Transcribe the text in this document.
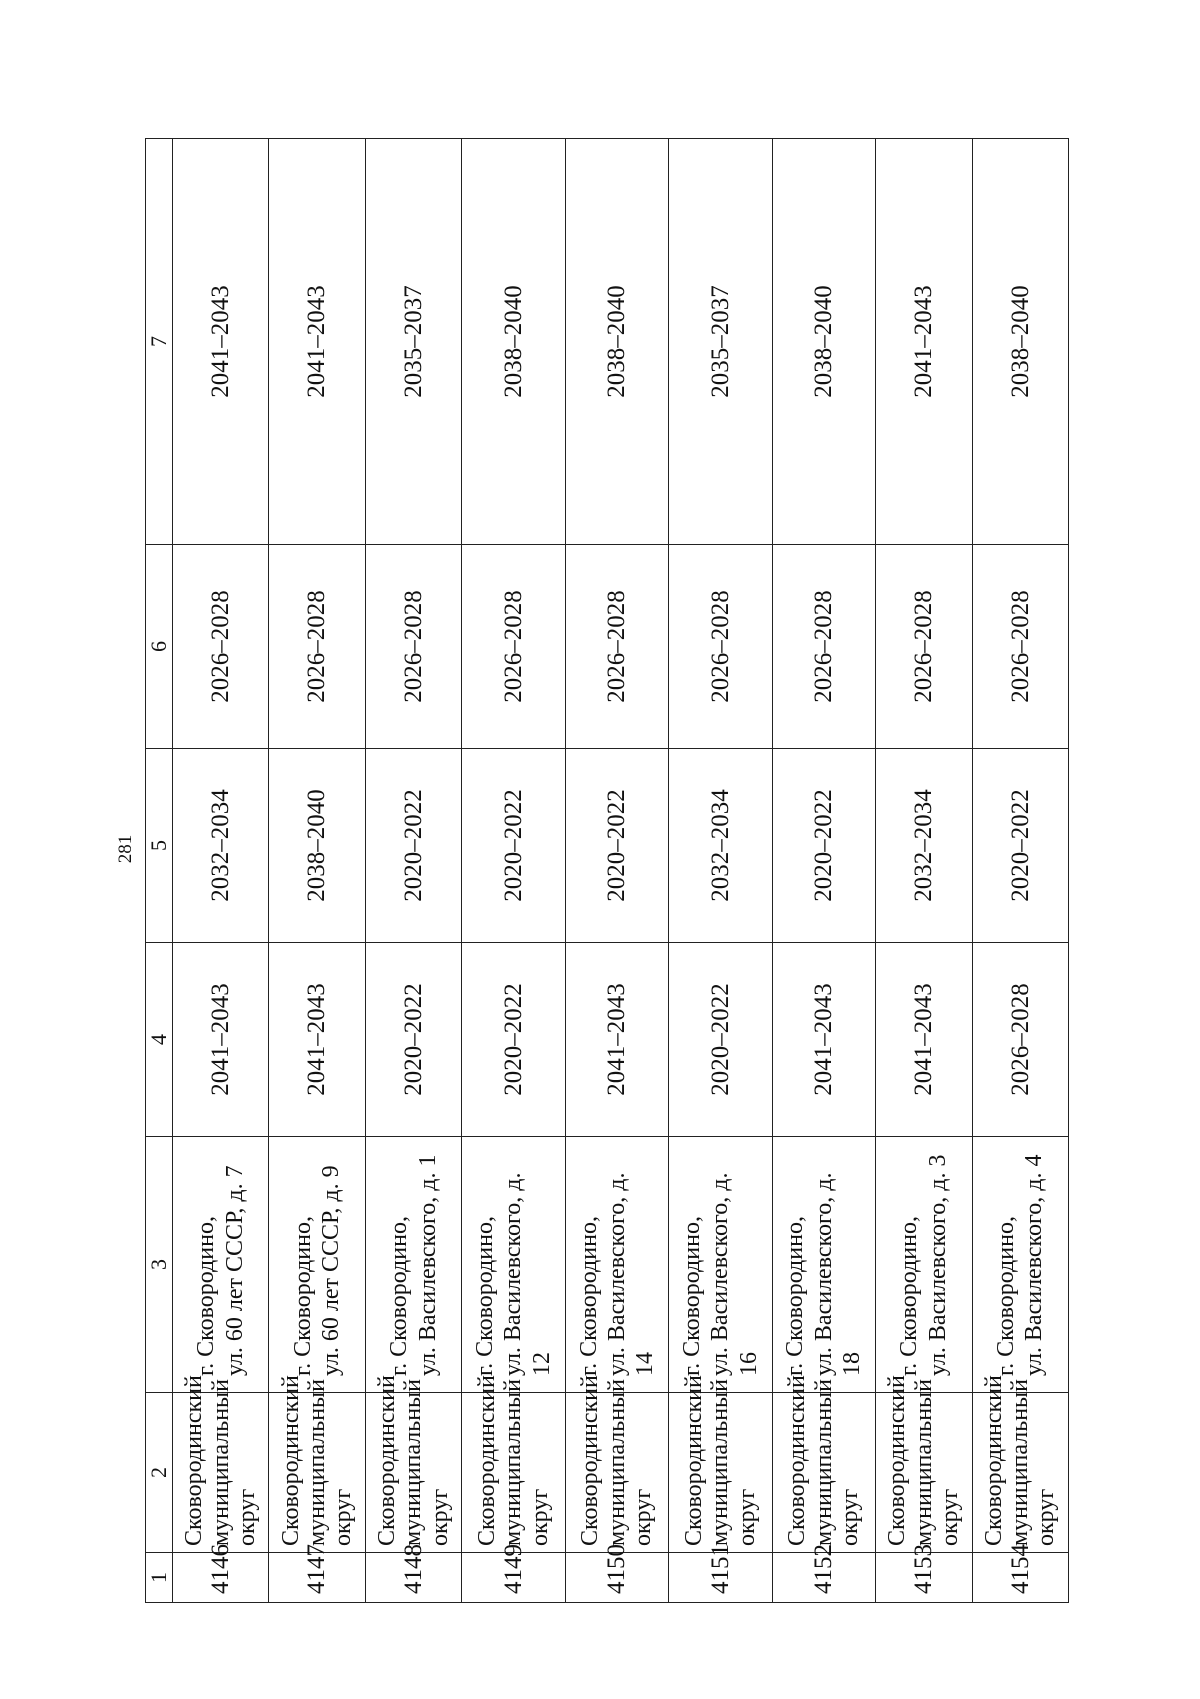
281
1	2	3	4	5	6	7
4146	Сковородинский
муниципальный
округ	г. Сковородино,
ул. 60 лет СССР, д. 7	2041–2043	2032–2034	2026–2028	2041–2043
4147	Сковородинский
муниципальный
округ	г. Сковородино,
ул. 60 лет СССР, д. 9	2041–2043	2038–2040	2026–2028	2041–2043
4148	Сковородинский
муниципальный
округ	г. Сковородино,
ул. Василевского, д. 1	2020–2022	2020–2022	2026–2028	2035–2037
4149	Сковородинский
муниципальный
округ	г. Сковородино,
ул. Василевского, д. 12	2020–2022	2020–2022	2026–2028	2038–2040
4150	Сковородинский
муниципальный
округ	г. Сковородино,
ул. Василевского, д. 14	2041–2043	2020–2022	2026–2028	2038–2040
4151	Сковородинский
муниципальный
округ	г. Сковородино,
ул. Василевского, д. 16	2020–2022	2032–2034	2026–2028	2035–2037
4152	Сковородинский
муниципальный
округ	г. Сковородино,
ул. Василевского, д. 18	2041–2043	2020–2022	2026–2028	2038–2040
4153	Сковородинский
муниципальный
округ	г. Сковородино,
ул. Василевского, д. 3	2041–2043	2032–2034	2026–2028	2041–2043
4154	Сковородинский
муниципальный
округ	г. Сковородино,
ул. Василевского, д. 4	2026–2028	2020–2022	2026–2028	2038–2040
